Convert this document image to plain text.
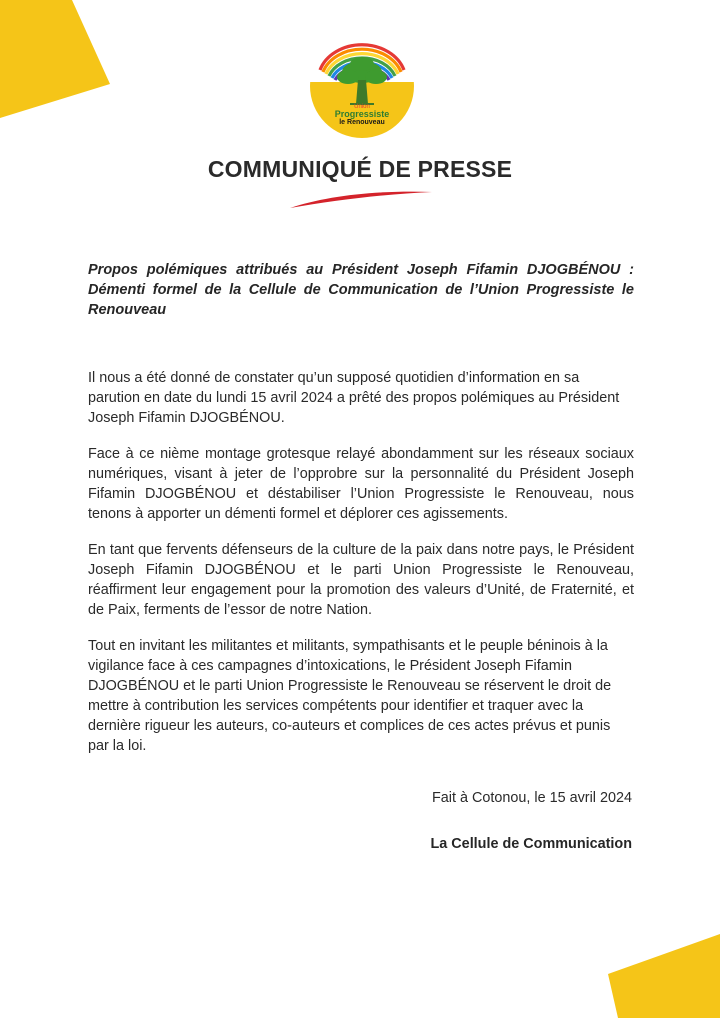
Union
Progressiste
le Renouveau
COMMUNIQUÉ DE PRESSE
Propos polémiques attribués au Président Joseph Fifamin DJOGBÉNOU : Démenti formel de la Cellule de Communication de l’Union Progressiste le Renouveau

Il nous a été donné de constater qu’un supposé quotidien d’information en sa parution en date du lundi 15 avril 2024 a prêté des propos polémiques au Président Joseph Fifamin DJOGBÉNOU.

Face à ce nième montage grotesque relayé abondamment sur les réseaux sociaux numériques, visant à jeter de l’opprobre sur la personnalité du Président Joseph Fifamin DJOGBÉNOU et déstabiliser l’Union Progressiste le Renouveau, nous tenons à apporter un démenti formel et déplorer ces agissements.

En tant que fervents défenseurs de la culture de la paix dans notre pays, le Président Joseph Fifamin DJOGBÉNOU et le parti Union Progressiste le Renouveau, réaffirment leur engagement pour la promotion des valeurs d’Unité, de Fraternité, et de Paix, ferments de l’essor de notre Nation.

Tout en invitant les militantes et militants, sympathisants et le peuple béninois à la vigilance face à ces campagnes d’intoxications, le Président Joseph Fifamin DJOGBÉNOU et le parti Union Progressiste le Renouveau se réservent le droit de mettre à contribution les services compétents pour identifier et traquer avec la dernière rigueur les auteurs, co-auteurs et complices de ces actes prévus et punis par la loi.

Fait à Cotonou, le 15 avril 2024
La Cellule de Communication
